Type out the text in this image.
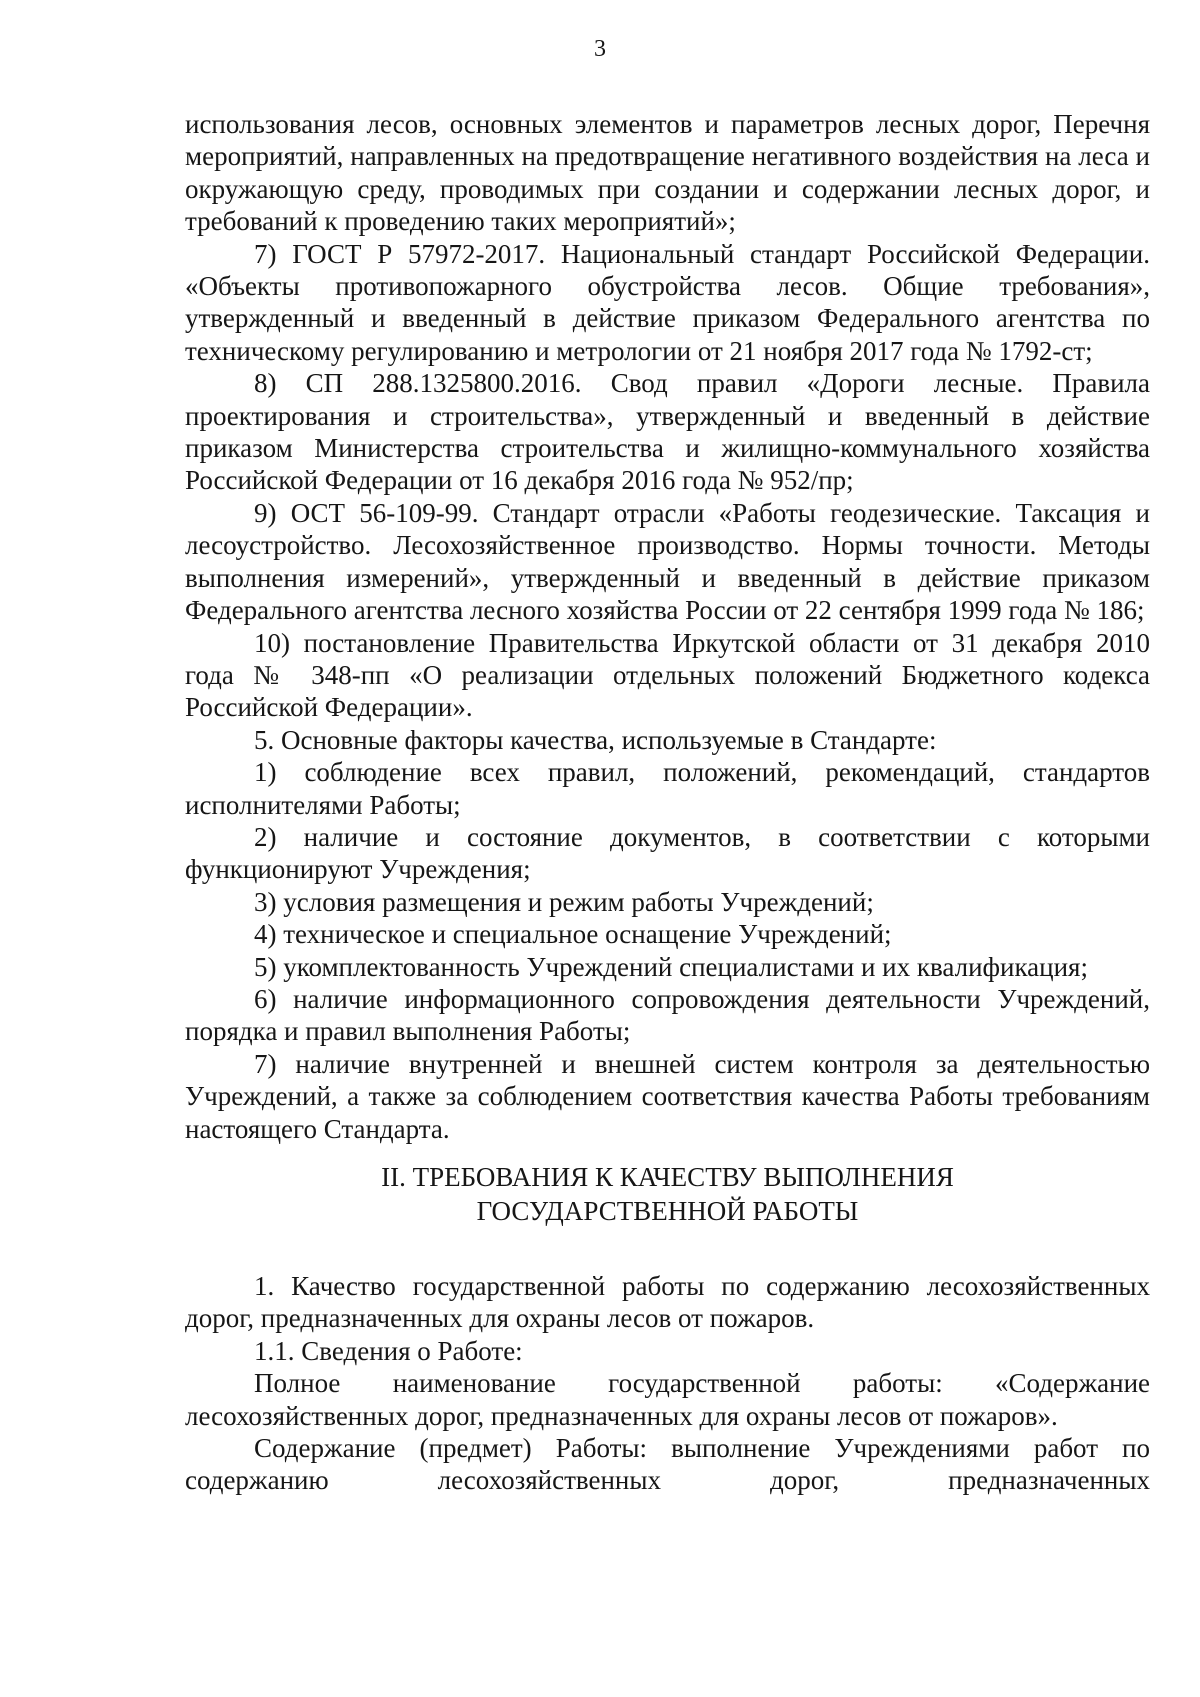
3

использования лесов, основных элементов и параметров лесных дорог, Перечня мероприятий, направленных на предотвращение негативного воздействия на леса и окружающую среду, проводимых при создании и содержании лесных дорог, и требований к проведению таких мероприятий»;

7) ГОСТ Р 57972-2017. Национальный стандарт Российской Федерации. «Объекты противопожарного обустройства лесов. Общие требования», утвержденный и введенный в действие приказом Федерального агентства по техническому регулированию и метрологии от 21 ноября 2017 года № 1792-ст;

8) СП 288.1325800.2016. Свод правил «Дороги лесные. Правила проектирования и строительства», утвержденный и введенный в действие приказом Министерства строительства и жилищно-коммунального хозяйства Российской Федерации от 16 декабря 2016 года № 952/пр;

9) ОСТ 56-109-99. Стандарт отрасли «Работы геодезические. Таксация и лесоустройство. Лесохозяйственное производство. Нормы точности. Методы выполнения измерений», утвержденный и введенный в действие приказом Федерального агентства лесного хозяйства России от 22 сентября 1999 года № 186;

10) постановление Правительства Иркутской области от 31 декабря 2010 года № 348-пп «О реализации отдельных положений Бюджетного кодекса Российской Федерации».

5. Основные факторы качества, используемые в Стандарте:

1) соблюдение всех правил, положений, рекомендаций, стандартов исполнителями Работы;

2) наличие и состояние документов, в соответствии с которыми функционируют Учреждения;

3) условия размещения и режим работы Учреждений;

4) техническое и специальное оснащение Учреждений;

5) укомплектованность Учреждений специалистами и их квалификация;

6) наличие информационного сопровождения деятельности Учреждений, порядка и правил выполнения Работы;

7) наличие внутренней и внешней систем контроля за деятельностью Учреждений, а также за соблюдением соответствия качества Работы требованиям настоящего Стандарта.

II. ТРЕБОВАНИЯ К КАЧЕСТВУ ВЫПОЛНЕНИЯ
ГОСУДАРСТВЕННОЙ РАБОТЫ

1. Качество государственной работы по содержанию лесохозяйственных дорог, предназначенных для охраны лесов от пожаров.

1.1. Сведения о Работе:

Полное наименование государственной работы: «Содержание лесохозяйственных дорог, предназначенных для охраны лесов от пожаров».

Содержание (предмет) Работы: выполнение Учреждениями работ по содержанию лесохозяйственных дорог, предназначенных
